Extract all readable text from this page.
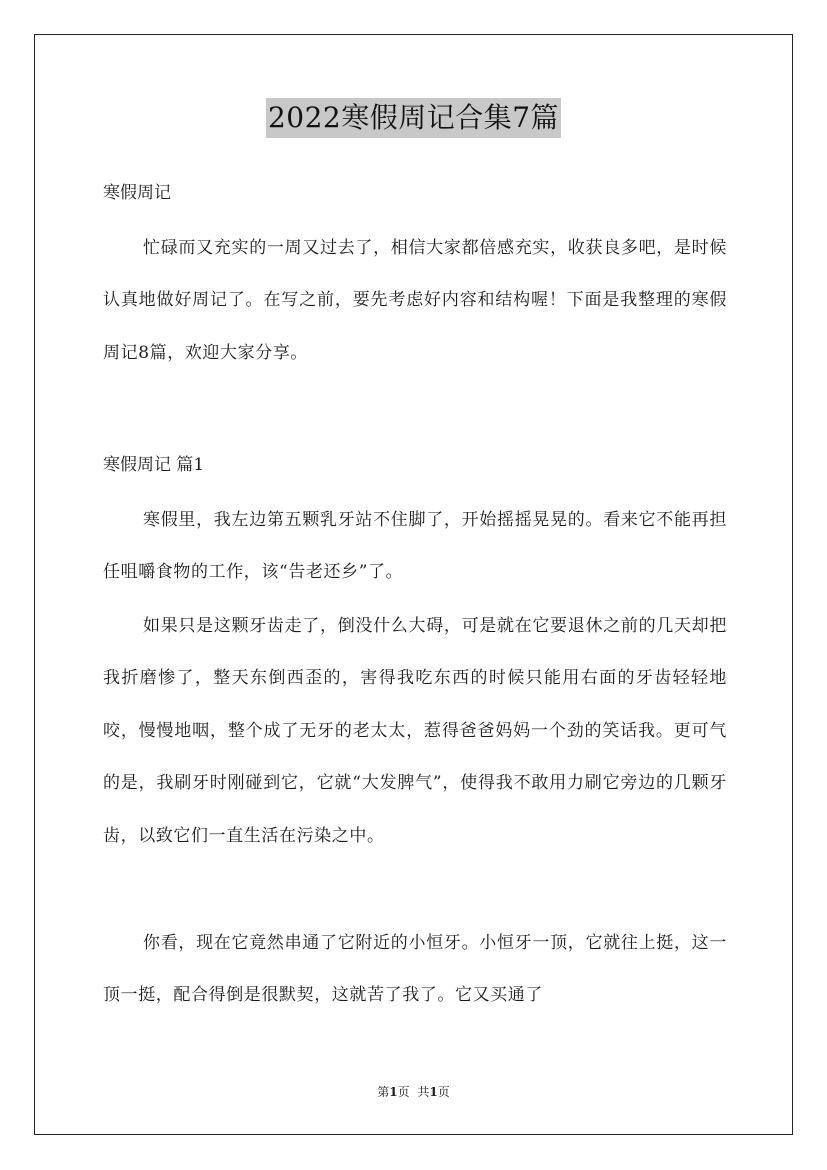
2022寒假周记合集7篇
寒假周记

忙碌而又充实的一周又过去了，相信大家都倍感充实，收获良多吧，是时候认真地做好周记了。在写之前，要先考虑好内容和结构喔！下面是我整理的寒假周记8篇，欢迎大家分享。

寒假周记 篇1

寒假里，我左边第五颗乳牙站不住脚了，开始摇摇晃晃的。看来它不能再担任咀嚼食物的工作，该“告老还乡”了。

如果只是这颗牙齿走了，倒没什么大碍，可是就在它要退休之前的几天却把我折磨惨了，整天东倒西歪的，害得我吃东西的时候只能用右面的牙齿轻轻地咬，慢慢地咽，整个成了无牙的老太太，惹得爸爸妈妈一个劲的笑话我。更可气的是，我刷牙时刚碰到它，它就“大发脾气”，使得我不敢用力刷它旁边的几颗牙齿，以致它们一直生活在污染之中。

你看，现在它竟然串通了它附近的小恒牙。小恒牙一顶，它就往上挺，这一顶一挺，配合得倒是很默契，这就苦了我了。它又买通了

第1页 共1页
